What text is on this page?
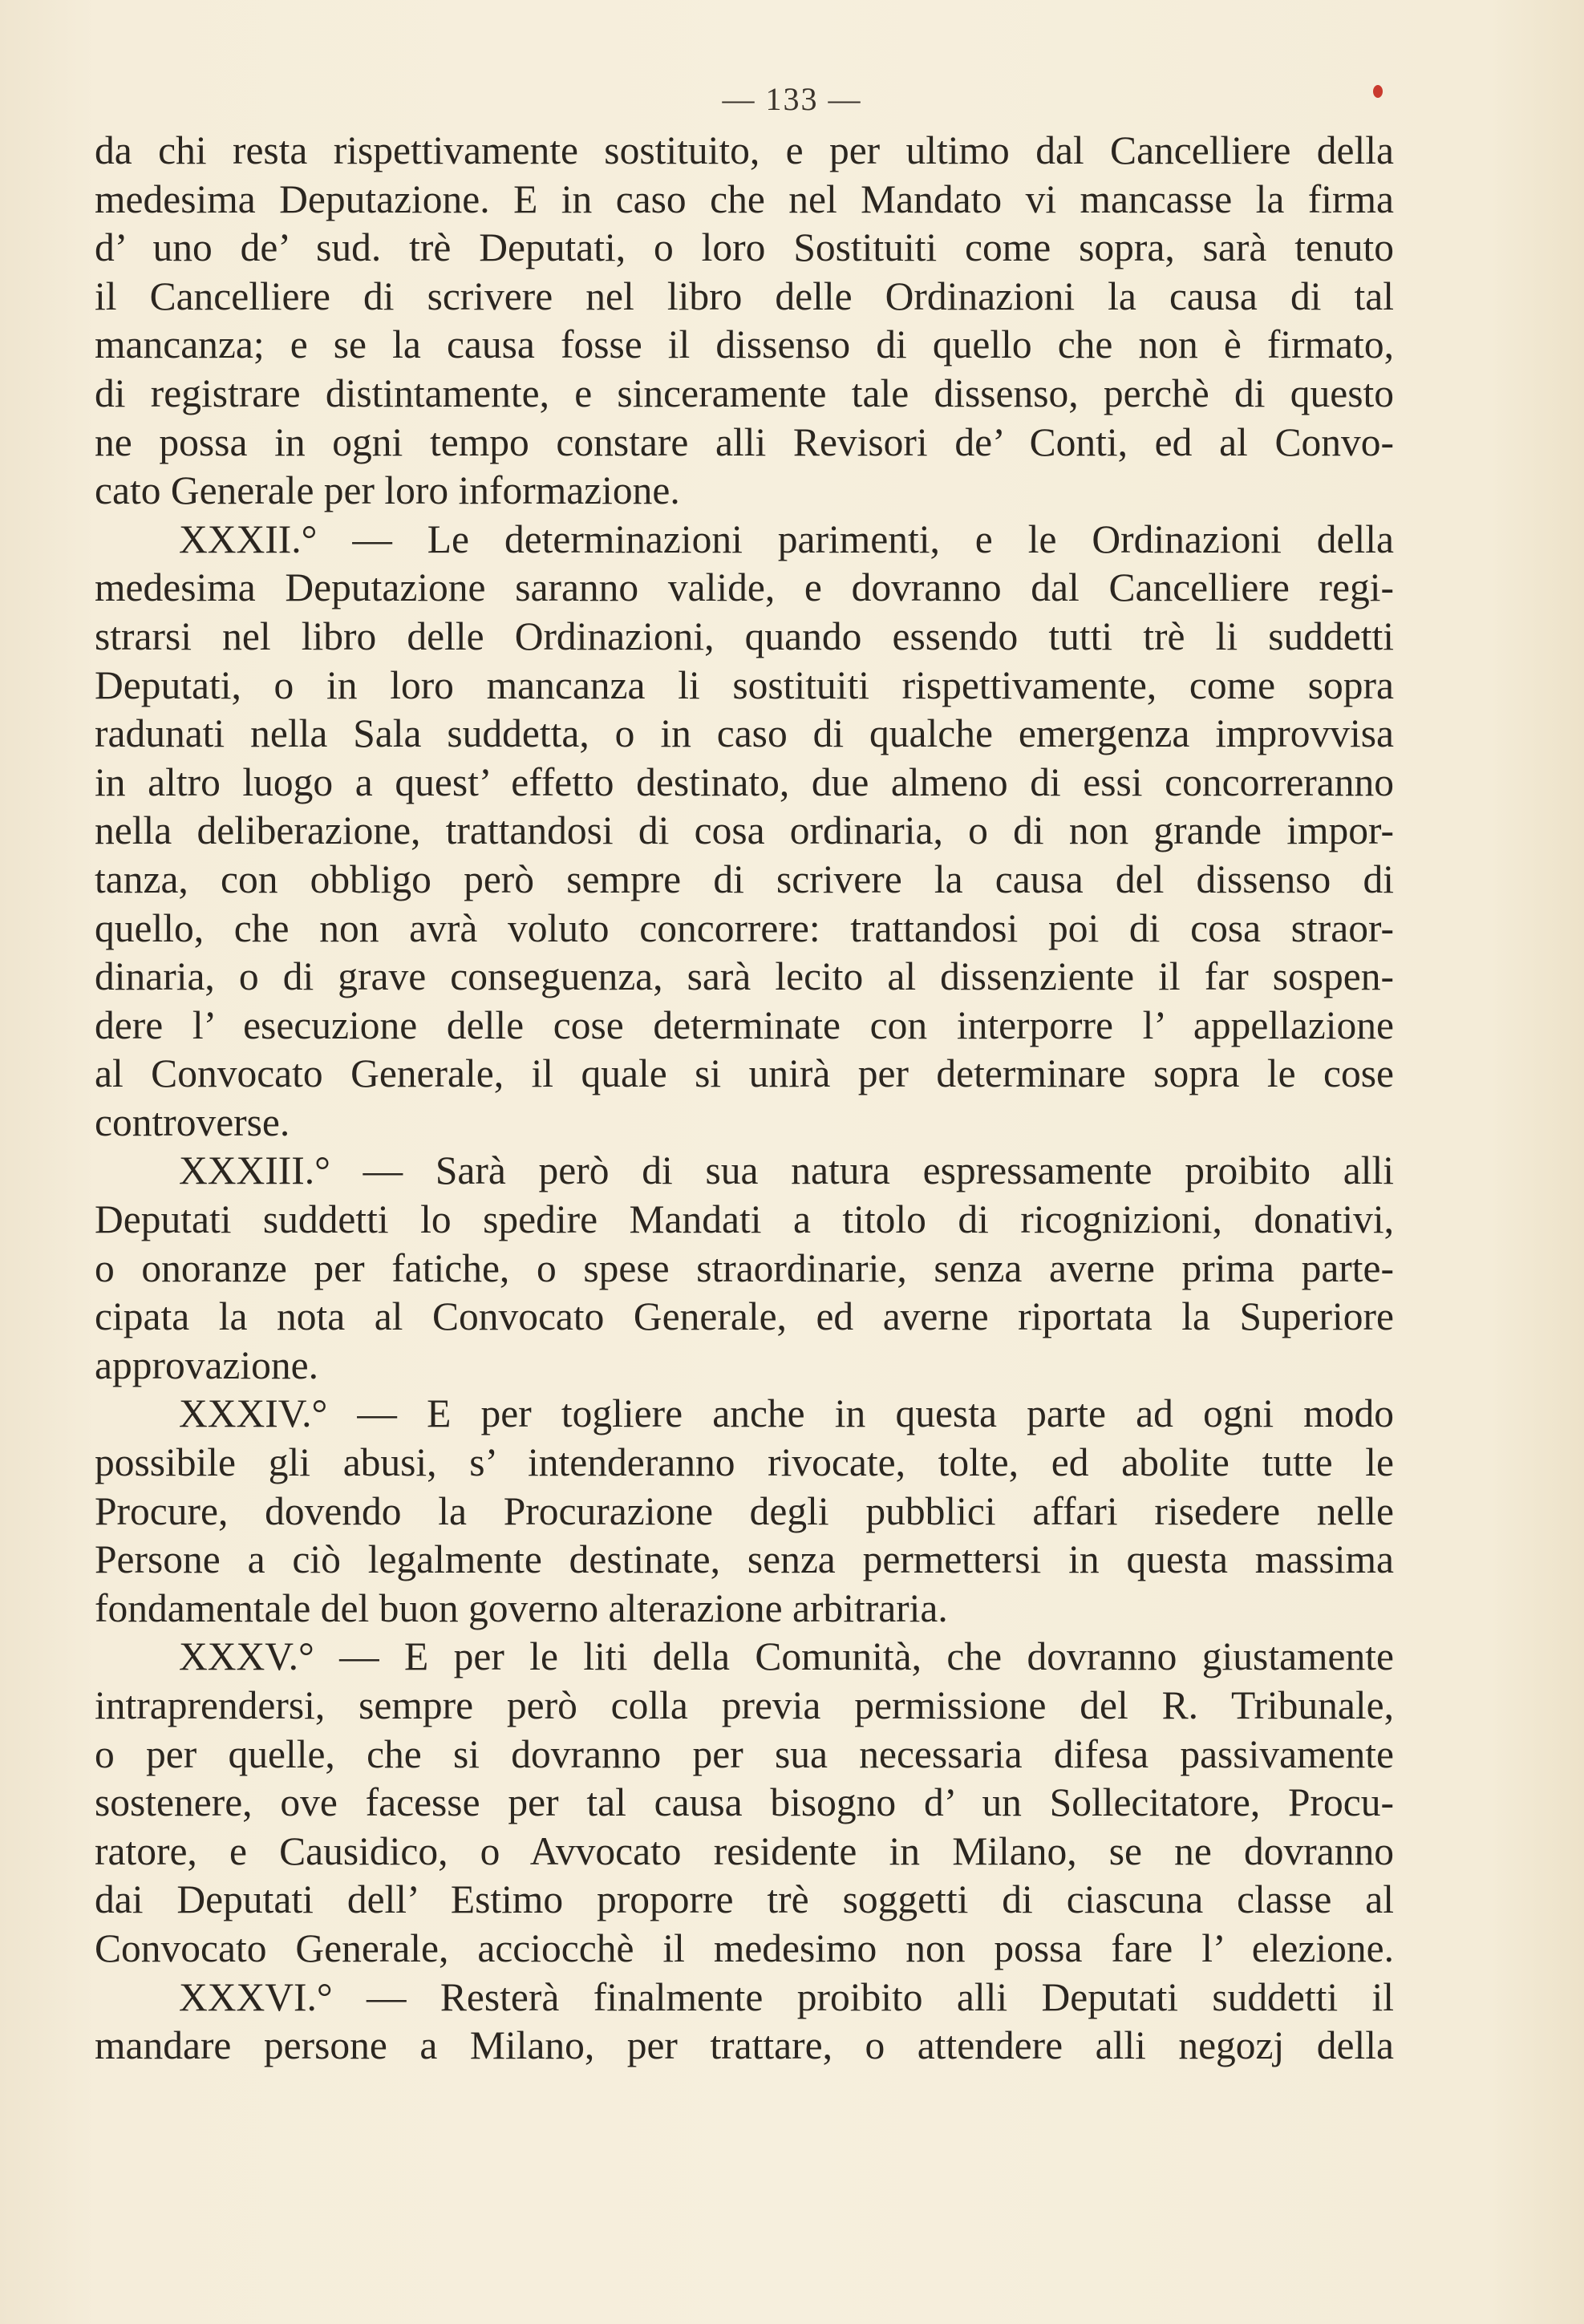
— 133 —
da chi resta rispettivamente sostituito, e per ultimo dal Cancelliere della
medesima Deputazione. E in caso che nel Mandato vi mancasse la firma
d’ uno de’ sud. trè Deputati, o loro Sostituiti come sopra, sarà tenuto
il Cancelliere di scrivere nel libro delle Ordinazioni la causa di tal
mancanza; e se la causa fosse il dissenso di quello che non è firmato,
di registrare distintamente, e sinceramente tale dissenso, perchè di questo
ne possa in ogni tempo constare alli Revisori de’ Conti, ed al Convo-
cato Generale per loro informazione.
XXXII.° — Le determinazioni parimenti, e le Ordinazioni della
medesima Deputazione saranno valide, e dovranno dal Cancelliere regi-
strarsi nel libro delle Ordinazioni, quando essendo tutti trè li suddetti
Deputati, o in loro mancanza li sostituiti rispettivamente, come sopra
radunati nella Sala suddetta, o in caso di qualche emergenza improvvisa
in altro luogo a quest’ effetto destinato, due almeno di essi concorreranno
nella deliberazione, trattandosi di cosa ordinaria, o di non grande impor-
tanza, con obbligo però sempre di scrivere la causa del dissenso di
quello, che non avrà voluto concorrere: trattandosi poi di cosa straor-
dinaria, o di grave conseguenza, sarà lecito al dissenziente il far sospen-
dere l’ esecuzione delle cose determinate con interporre l’ appellazione
al Convocato Generale, il quale si unirà per determinare sopra le cose
controverse.
XXXIII.° — Sarà però di sua natura espressamente proibito alli
Deputati suddetti lo spedire Mandati a titolo di ricognizioni, donativi,
o onoranze per fatiche, o spese straordinarie, senza averne prima parte-
cipata la nota al Convocato Generale, ed averne riportata la Superiore
approvazione.
XXXIV.° — E per toglierе anche in questa parte ad ogni modo
possibile gli abusi, s’ intenderanno rivocate, tolte, ed abolite tutte le
Procure, dovendo la Procurazione degli pubblici affari risedere nelle
Persone a ciò legalmente destinate, senza permettersi in questa massima
fondamentale del buon governo alterazione arbitraria.
XXXV.° — E per le liti della Comunità, che dovranno giustamente
intraprendersi, sempre però colla previa permissione del R. Tribunale,
o per quelle, che si dovranno per sua necessaria difesa passivamente
sostenere, ove facesse per tal causa bisogno d’ un Sollecitatore, Procu-
ratore, e Causidico, o Avvocato residente in Milano, se ne dovranno
dai Deputati dell’ Estimo proporre trè soggetti di ciascuna classe al
Convocato Generale, acciocchè il medesimo non possa fare l’ elezione.
XXXVI.° — Resterà finalmente proibito alli Deputati suddetti il
mandare persone a Milano, per trattare, o attendere alli negozj della
